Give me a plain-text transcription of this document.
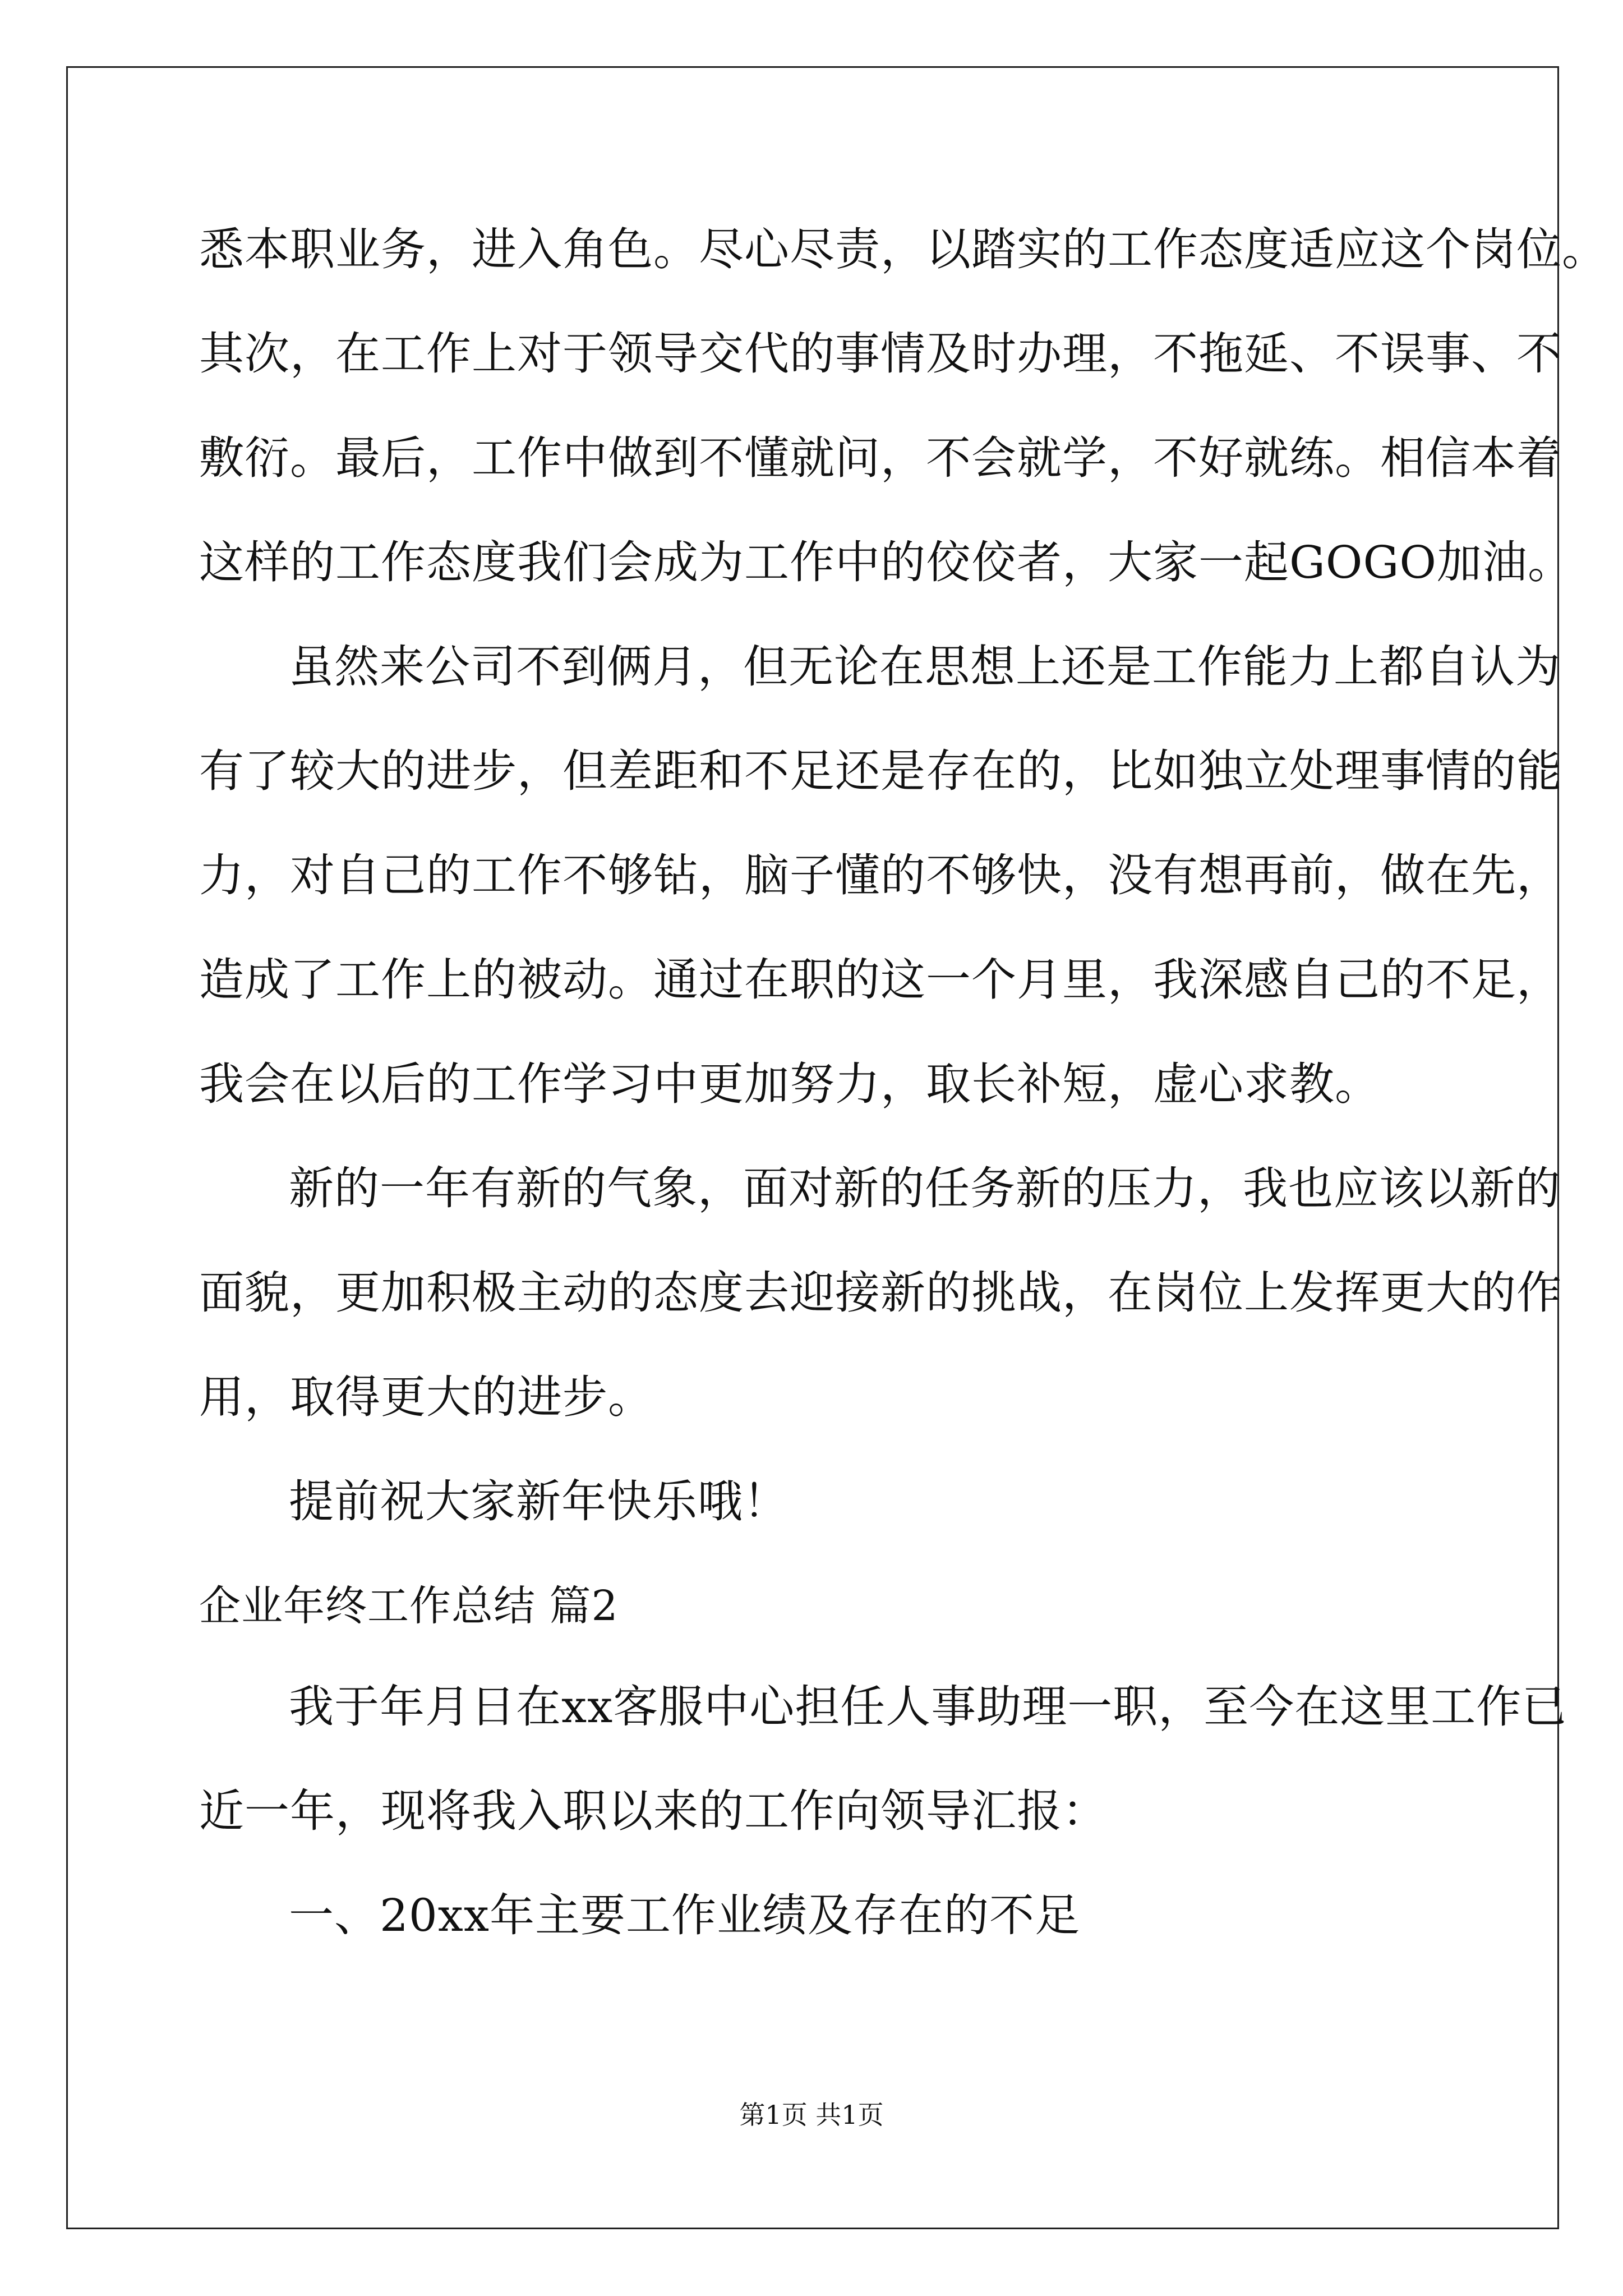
悉本职业务，进入角色。尽心尽责，以踏实的工作态度适应这个岗位。
其次，在工作上对于领导交代的事情及时办理，不拖延、不误事、不
敷衍。最后，工作中做到不懂就问，不会就学，不好就练。相信本着
这样的工作态度我们会成为工作中的佼佼者，大家一起GOGO加油。
虽然来公司不到俩月，但无论在思想上还是工作能力上都自认为
有了较大的进步，但差距和不足还是存在的，比如独立处理事情的能
力，对自己的工作不够钻，脑子懂的不够快，没有想再前，做在先，
造成了工作上的被动。通过在职的这一个月里，我深感自己的不足，
我会在以后的工作学习中更加努力，取长补短，虚心求教。
新的一年有新的气象，面对新的任务新的压力，我也应该以新的
面貌，更加积极主动的态度去迎接新的挑战，在岗位上发挥更大的作
用，取得更大的进步。
提前祝大家新年快乐哦！
企业年终工作总结 篇2
我于年月日在xx客服中心担任人事助理一职，至今在这里工作已
近一年，现将我入职以来的工作向领导汇报：
一、20xx年主要工作业绩及存在的不足
第1页 共1页
